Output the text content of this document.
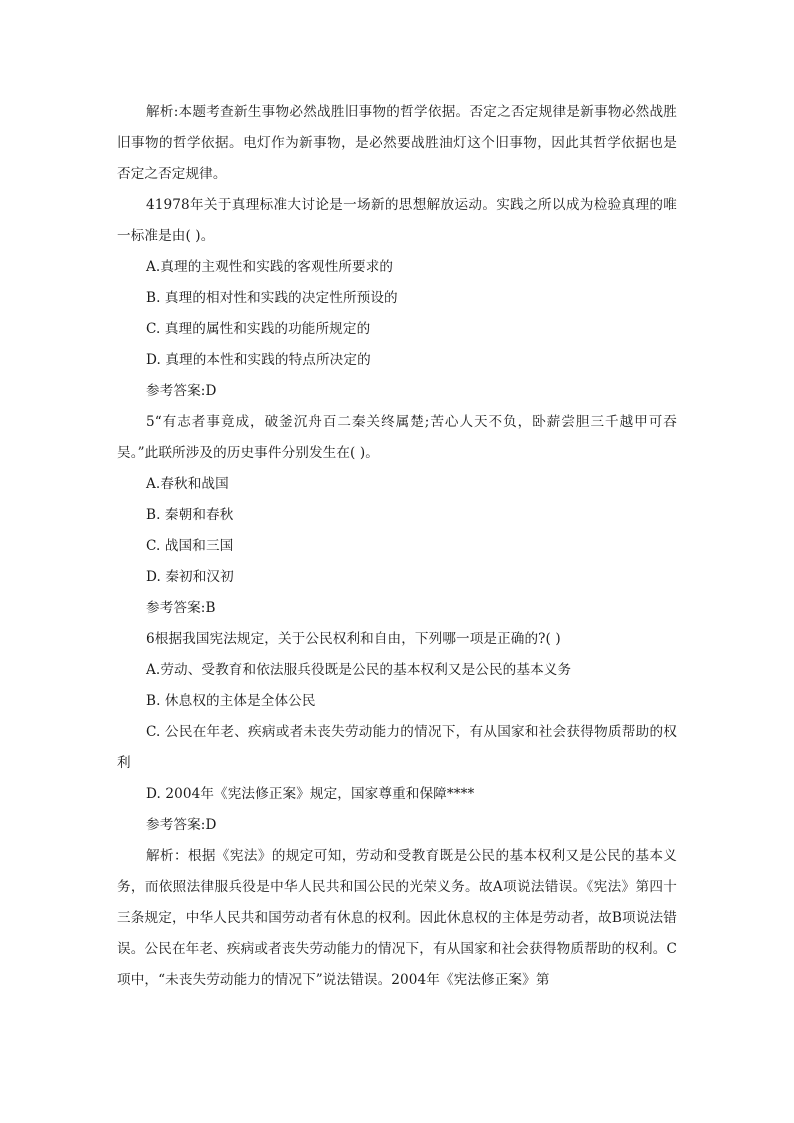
解析:本题考查新生事物必然战胜旧事物的哲学依据。否定之否定规律是新事物必然战胜旧事物的哲学依据。电灯作为新事物，是必然要战胜油灯这个旧事物，因此其哲学依据也是否定之否定规律。

41978年关于真理标准大讨论是一场新的思想解放运动。实践之所以成为检验真理的唯一标准是由( )。

A.真理的主观性和实践的客观性所要求的

B. 真理的相对性和实践的决定性所预设的

C. 真理的属性和实践的功能所规定的

D. 真理的本性和实践的特点所决定的

参考答案:D

5“有志者事竟成，破釜沉舟百二秦关终属楚;苦心人天不负，卧薪尝胆三千越甲可吞吴。”此联所涉及的历史事件分别发生在( )。

A.春秋和战国

B. 秦朝和春秋

C. 战国和三国

D. 秦初和汉初

参考答案:B

6根据我国宪法规定，关于公民权利和自由，下列哪一项是正确的?( )

A.劳动、受教育和依法服兵役既是公民的基本权利又是公民的基本义务

B. 休息权的主体是全体公民

C. 公民在年老、疾病或者未丧失劳动能力的情况下，有从国家和社会获得物质帮助的权利

D. 2004年《宪法修正案》规定，国家尊重和保障****

参考答案:D

解析：根据《宪法》的规定可知，劳动和受教育既是公民的基本权利又是公民的基本义务，而依照法律服兵役是中华人民共和国公民的光荣义务。故A项说法错误。《宪法》第四十三条规定，中华人民共和国劳动者有休息的权利。因此休息权的主体是劳动者，故B项说法错误。公民在年老、疾病或者丧失劳动能力的情况下，有从国家和社会获得物质帮助的权利。C项中，“未丧失劳动能力的情况下”说法错误。2004年《宪法修正案》第
